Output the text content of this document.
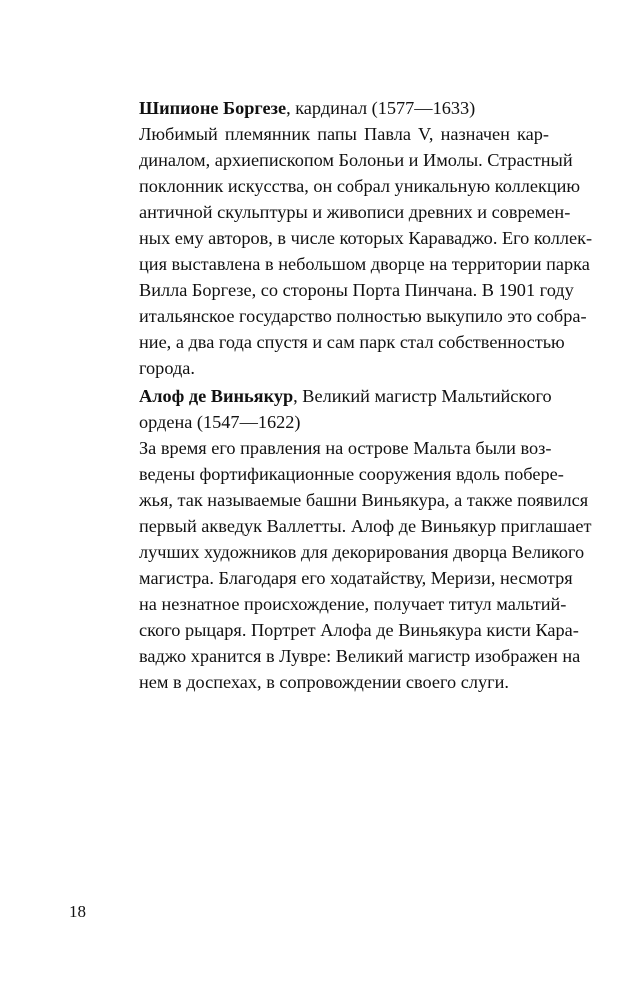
Шипионе Боргезе, кардинал (1577—1633)
Любимый племянник папы Павла V, назначен кар-
диналом, архиепископом Болоньи и Имолы. Страстный
поклонник искусства, он собрал уникальную коллекцию
античной скульптуры и живописи древних и современ-
ных ему авторов, в числе которых Караваджо. Его коллек-
ция выставлена в небольшом дворце на территории парка
Вилла Боргезе, со стороны Порта Пинчана. В 1901 году
итальянское государство полностью выкупило это собра-
ние, а два года спустя и сам парк стал собственностью
города.
Алоф де Виньякур, Великий магистр Мальтийского
ордена (1547—1622)
За время его правления на острове Мальта были воз-
ведены фортификационные сооружения вдоль побере-
жья, так называемые башни Виньякура, а также появился
первый акведук Валлетты. Алоф де Виньякур приглашает
лучших художников для декорирования дворца Великого
магистра. Благодаря его ходатайству, Меризи, несмотря
на незнатное происхождение, получает титул мальтий-
ского рыцаря. Портрет Алофа де Виньякура кисти Кара-
ваджо хранится в Лувре: Великий магистр изображен на
нем в доспехах, в сопровождении своего слуги.
18
